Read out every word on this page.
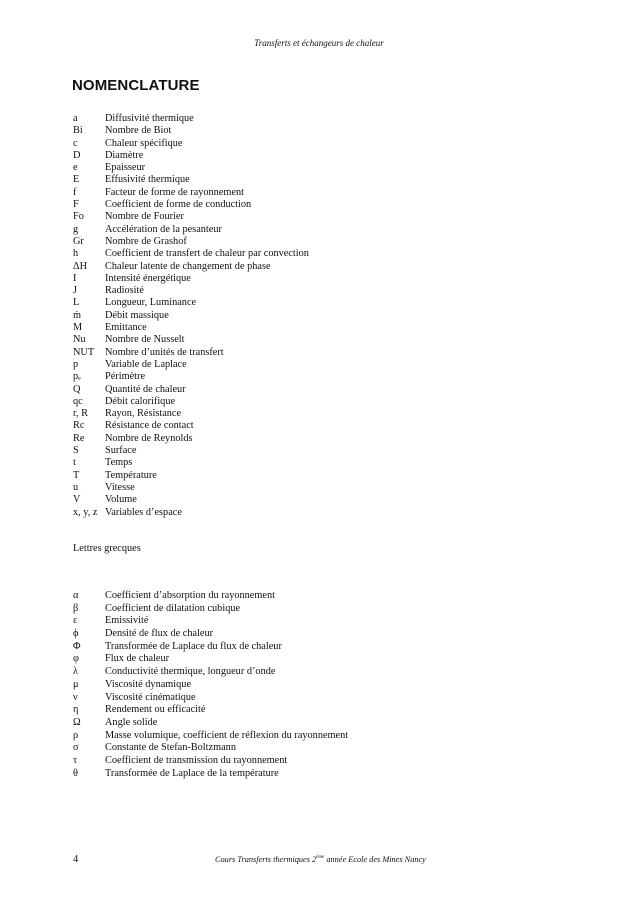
Transferts et échangeurs de chaleur
NOMENCLATURE
a	Diffusivité thermique
Bi Nombre de Biot
c	Chaleur spécifique
D Diamètre
e	Epaisseur
E Effusivité thermique
f	Facteur de forme de rayonnement
F	Coefficient de forme de conduction
Fo Nombre de Fourier
g	Accélération de la pesanteur
Gr Nombre de Grashof
h	Coefficient de transfert de chaleur par convection
ΔH Chaleur latente de changement de phase
I	Intensité énergétique
J	Radiosité
L Longueur, Luminance
ṁ Débit massique
M Emittance
Nu Nombre de Nusselt
NUT Nombre d’unités de transfert
p	Variable de Laplace
pₑ Périmètre
Q Quantité de chaleur
qc Débit calorifique
r, R Rayon, Résistance
Rc Résistance de contact
Re Nombre de Reynolds
S	Surface
t	Temps
T Température
u	Vitesse
V Volume
x, y, z Variables d’espace
Lettres grecques
α	Coefficient d’absorption du rayonnement
β	Coefficient de dilatation cubique
ε	Emissivité
ϕ	Densité de flux de chaleur
Φ Transformée de Laplace du flux de chaleur
φ	Flux de chaleur
λ	Conductivité thermique, longueur d’onde
μ	Viscosité dynamique
ν	Viscosité cinématique
η	Rendement ou efficacité
Ω Angle solide
ρ	Masse volumique, coefficient de réflexion du rayonnement
σ	Constante de Stefan-Boltzmann
τ	Coefficient de transmission du rayonnement
θ	Transformée de Laplace de la température
4	Cours Transferts thermiques 2ème année Ecole des Mines Nancy
